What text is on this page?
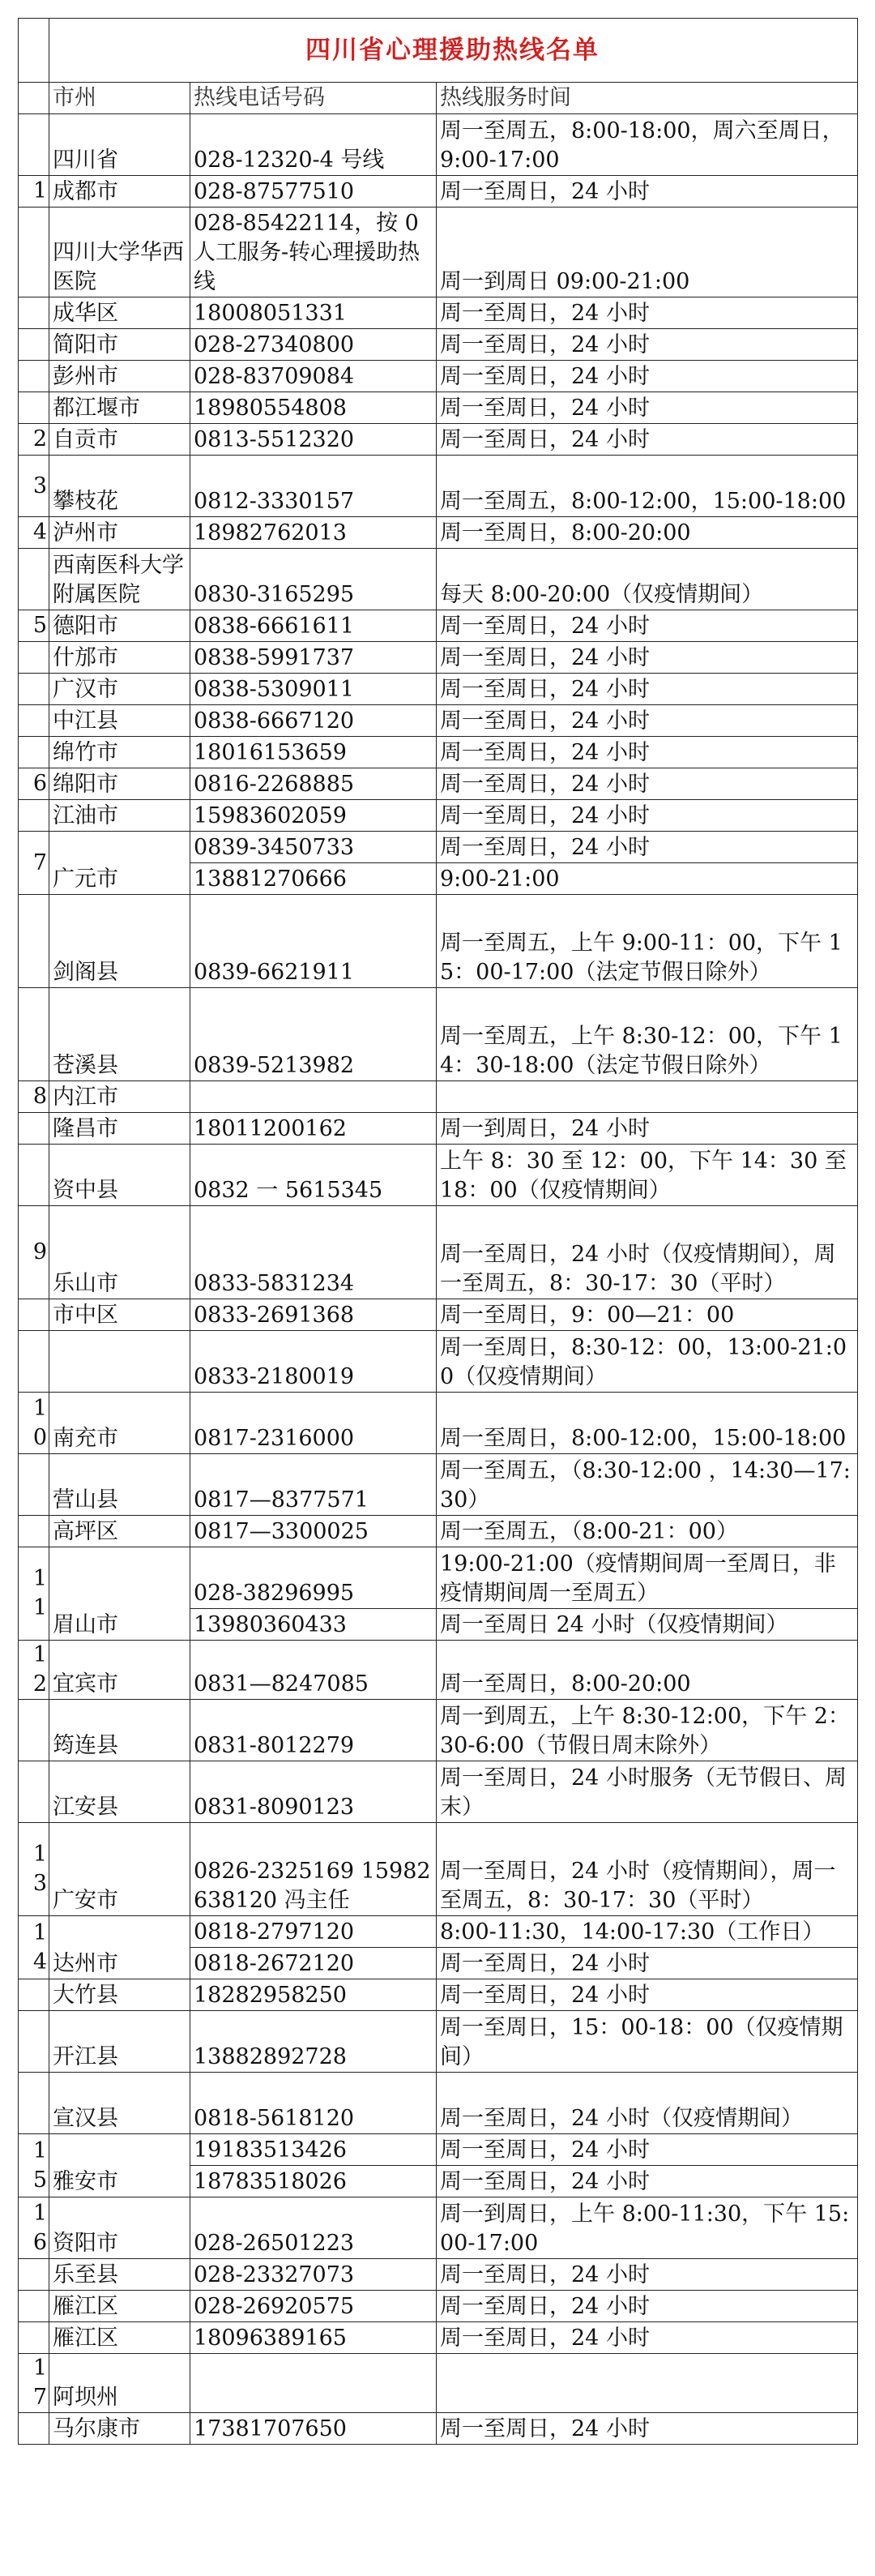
	四川省心理援助热线名单		
	市州	热线电话号码	热线服务时间
	四川省	028-12320-4 号线	周一至周五，8:00-18:00，周六至周日，9:00-17:00
1	成都市	028-87577510	周一至周日，24 小时
	四川大学华西医院	028-85422114，按 0 人工服务-转心理援助热线	周一到周日 09:00-21:00
	成华区	18008051331	周一至周日，24 小时
	简阳市	028-27340800	周一至周日，24 小时
	彭州市	028-83709084	周一至周日，24 小时
	都江堰市	18980554808	周一至周日，24 小时
2	自贡市	0813-5512320	周一至周日，24 小时
3	攀枝花	0812-3330157	周一至周五，8:00-12:00，15:00-18:00
4	泸州市	18982762013	周一至周日，8:00-20:00
	西南医科大学附属医院	0830-3165295	每天 8:00-20:00（仅疫情期间）
5	德阳市	0838-6661611	周一至周日，24 小时
	什邡市	0838-5991737	周一至周日，24 小时
	广汉市	0838-5309011	周一至周日，24 小时
	中江县	0838-6667120	周一至周日，24 小时
	绵竹市	18016153659	周一至周日，24 小时
6	绵阳市	0816-2268885	周一至周日，24 小时
	江油市	15983602059	周一至周日，24 小时
7	广元市	0839-3450733	周一至周日，24 小时
		13881270666	9:00-21:00
	剑阁县	0839-6621911	周一至周五，上午 9:00-11：00，下午 15：00-17:00（法定节假日除外）
	苍溪县	0839-5213982	周一至周五，上午 8:30-12：00，下午 14：30-18:00（法定节假日除外）
8	内江市		
	隆昌市	18011200162	周一到周日，24 小时
	资中县	0832 一 5615345	上午 8：30 至 12：00，下午 14：30 至 18：00（仅疫情期间）
9	乐山市	0833-5831234	周一至周日，24 小时（仅疫情期间），周一至周五，8：30-17：30（平时）
	市中区	0833-2691368	周一至周日，9：00—21：00
		0833-2180019	周一至周日，8:30-12：00，13:00-21:00（仅疫情期间）
10	南充市	0817-2316000	周一至周日，8:00-12:00，15:00-18:00
	营山县	0817—8377571	周一至周五，（8:30-12:00 ，14:30—17:30）
	高坪区	0817—3300025	周一至周五，（8:00-21：00）
11	眉山市	028-38296995	19:00-21:00（疫情期间周一至周日，非疫情期间周一至周五）
		13980360433	周一至周日 24 小时（仅疫情期间）
12	宜宾市	0831—8247085	周一至周日，8:00-20:00
	筠连县	0831-8012279	周一到周五，上午 8:30-12:00，下午 2：30-6:00（节假日周末除外）
	江安县	0831-8090123	周一至周日，24 小时服务（无节假日、周末）
13	广安市	0826-2325169 15982638120 冯主任	周一至周日，24 小时（疫情期间），周一至周五，8：30-17：30（平时）
14	达州市	0818-2797120	8:00-11:30，14:00-17:30（工作日）
		0818-2672120	周一至周日，24 小时
	大竹县	18282958250	周一至周日，24 小时
	开江县	13882892728	周一至周日，15：00-18：00（仅疫情期间）
	宣汉县	0818-5618120	周一至周日，24 小时（仅疫情期间）
15	雅安市	19183513426	周一至周日，24 小时
		18783518026	周一至周日，24 小时
16	资阳市	028-26501223	周一到周日，上午 8:00-11:30，下午 15:00-17:00
	乐至县	028-23327073	周一至周日，24 小时
	雁江区	028-26920575	周一至周日，24 小时
	雁江区	18096389165	周一至周日，24 小时
17	阿坝州		
	马尔康市	17381707650	周一至周日，24 小时
